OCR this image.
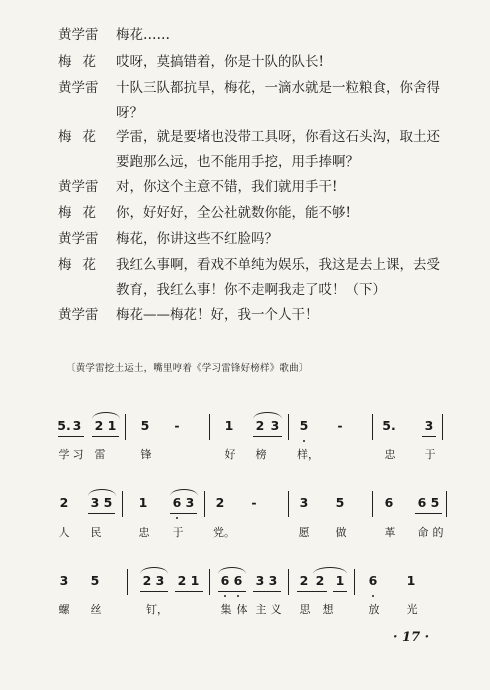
黄学雷	梅花……
梅花 哎呀，莫搞错着，你是十队的队长!
黄学雷	十队三队都抗旱，梅花，一滴水就是一粒粮食，你舍得
呀？
梅花 学雷，就是要堵也没带工具呀，你看这石头沟，取土还
要跑那么远，也不能用手挖，用手捧啊？
黄学雷	对，你这个主意不错，我们就用手干!
梅花 你，好好好，全公社就数你能，能不够!
黄学雷	梅花，你讲这些不红脸吗？
梅花 我红么事啊，看戏不单纯为娱乐，我这是去上课，去受
教育，我红么事！你不走啊我走了哎！（下）
黄学雷	梅花——梅花！好，我一个人干！
〔黄学雷挖土运土，嘴里哼着《学习雷锋好榜样》歌曲〕
5. 3 2 1 5	-	1 2 3 5	-	5. 3
学 习	雷	锋	好	榜	样，	忠	于
2 3 5 1 6 3 2	-	3 5	6 6 5
人	民	忠	于	党。	愿	做	革	命 的
3 5	2 3 2 1 6 6 3 3 2 2 1 6 1
螺	丝	钉，	集 体 主 义	思	想	放	光
· 17 ·
